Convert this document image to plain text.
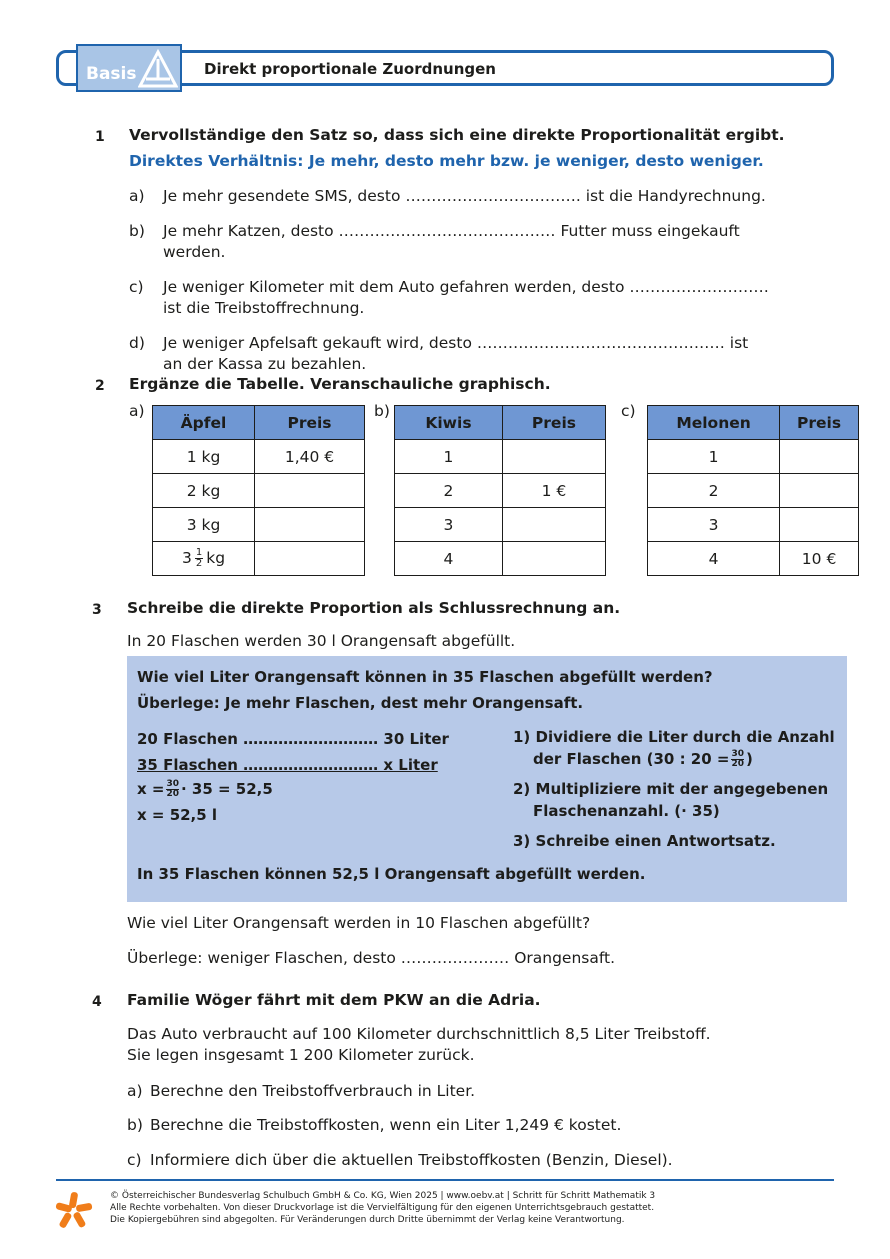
Basis	Direkt proportionale Zuordnungen
1 Vervollständige den Satz so, dass sich eine direkte Proportionalität ergibt.
Direktes Verhältnis: Je mehr, desto mehr bzw. je weniger, desto weniger.
a) Je mehr gesendete SMS, desto ……………………………. ist die Handyrechnung.
b) Je mehr Katzen, desto …………………………………… Futter muss eingekauft
werden.
c) Je weniger Kilometer mit dem Auto gefahren werden, desto ………………………
ist die Treibstoffrechnung.
d) Je weniger Apfelsaft gekauft wird, desto ………………………………………… ist
an der Kassa zu bezahlen.
2 Ergänze die Tabelle. Veranschauliche graphisch.
a)
Äpfel	Preis
1 kg	1,40 €
2 kg	
3 kg	
$3 \frac{1}{2}$ kg	
b)
Kiwis	Preis
1	
2	1 €
3	
4	
c)
Melonen	Preis
1	
2	
3	
4	10 €
3 Schreibe die direkte Proportion als Schlussrechnung an.
In 20 Flaschen werden 30 l Orangensaft abgefüllt.
Wie viel Liter Orangensaft können in 35 Flaschen abgefüllt werden?
Überlege: Je mehr Flaschen, dest mehr Orangensaft.
20 Flaschen ……………………… 30 Liter
35 Flaschen ……………………… x Liter
$x = \frac{30}{20} \cdot 35 = 52,5$
x = 52,5 l
1) Dividiere die Liter durch die Anzahl
der Flaschen (30 : $20 = \frac{30}{20}$ )
2) Multipliziere mit der angegebenen
Flaschenanzahl. (· 35)
3) Schreibe einen Antwortsatz.
In 35 Flaschen können 52,5 l Orangensaft abgefüllt werden.
Wie viel Liter Orangensaft werden in 10 Flaschen abgefüllt?
Überlege: weniger Flaschen, desto ………………… Orangensaft.
4 Familie Wöger fährt mit dem PKW an die Adria.
Das Auto verbraucht auf 100 Kilometer durchschnittlich 8,5 Liter Treibstoff.
Sie legen insgesamt 1 200 Kilometer zurück.
a) Berechne den Treibstoffverbrauch in Liter.
b) Berechne die Treibstoffkosten, wenn ein Liter 1,249 € kostet.
c) Informiere dich über die aktuellen Treibstoffkosten (Benzin, Diesel).
© Österreichischer Bundesverlag Schulbuch GmbH & Co. KG, Wien 2025 | www.oebv.at | Schritt für Schritt Mathematik 3
Alle Rechte vorbehalten. Von dieser Druckvorlage ist die Vervielfältigung für den eigenen Unterrichtsgebrauch gestattet.
Die Kopiergebühren sind abgegolten. Für Veränderungen durch Dritte übernimmt der Verlag keine Verantwortung.
